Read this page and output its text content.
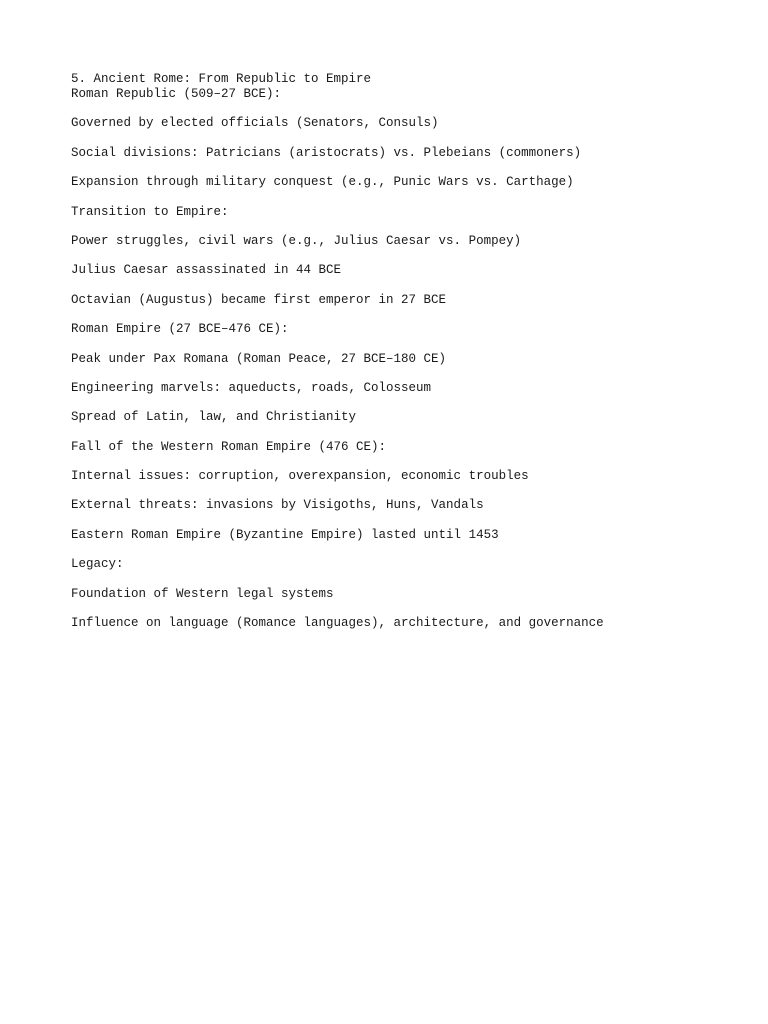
5. Ancient Rome: From Republic to Empire
Roman Republic (509–27 BCE):
Governed by elected officials (Senators, Consuls)
Social divisions: Patricians (aristocrats) vs. Plebeians (commoners)
Expansion through military conquest (e.g., Punic Wars vs. Carthage)
Transition to Empire:
Power struggles, civil wars (e.g., Julius Caesar vs. Pompey)
Julius Caesar assassinated in 44 BCE
Octavian (Augustus) became first emperor in 27 BCE
Roman Empire (27 BCE–476 CE):
Peak under Pax Romana (Roman Peace, 27 BCE–180 CE)
Engineering marvels: aqueducts, roads, Colosseum
Spread of Latin, law, and Christianity
Fall of the Western Roman Empire (476 CE):
Internal issues: corruption, overexpansion, economic troubles
External threats: invasions by Visigoths, Huns, Vandals
Eastern Roman Empire (Byzantine Empire) lasted until 1453
Legacy:
Foundation of Western legal systems
Influence on language (Romance languages), architecture, and governance
